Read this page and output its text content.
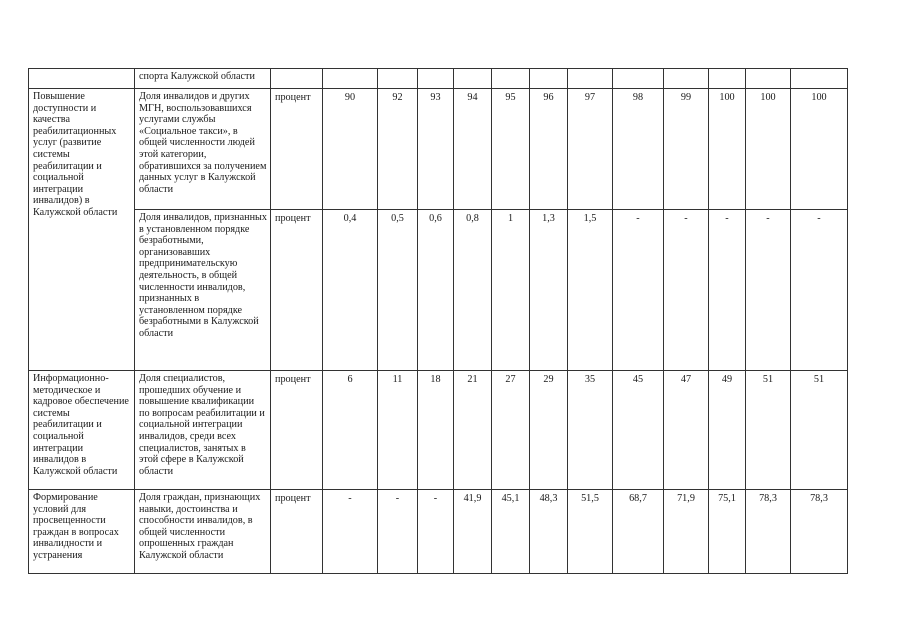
	спорта Калужской области													
Повышение доступности и качества реабилитационных услуг (развитие системы реабилитации и социальной интеграции инвалидов) в Калужской области	Доля инвалидов и других МГН, воспользовавшихся услугами службы «Социальное такси», в общей численности людей этой категории, обратившихся за получением данных услуг в Калужской области	процент	90	92	93	94	95	96	97	98	99	100	100	100
	Доля инвалидов, признанных в установленном порядке безработными, организовавших предпринимательскую деятельность, в общей численности инвалидов, признанных в установленном порядке безработными в Калужской области	процент	0,4	0,5	0,6	0,8	1	1,3	1,5	-	-	-	-	-
Информационно-методическое и кадровое обеспечение системы реабилитации и социальной интеграции инвалидов в Калужской области	Доля специалистов, прошедших обучение и повышение квалификации по вопросам реабилитации и социальной интеграции инвалидов, среди всех специалистов, занятых в этой сфере в Калужской области	процент	6	11	18	21	27	29	35	45	47	49	51	51
Формирование условий для просвещенности граждан в вопросах инвалидности и устранения	Доля граждан, признающих навыки, достоинства и способности инвалидов, в общей численности опрошенных граждан Калужской области	процент	-	-	-	41,9	45,1	48,3	51,5	68,7	71,9	75,1	78,3	78,3
